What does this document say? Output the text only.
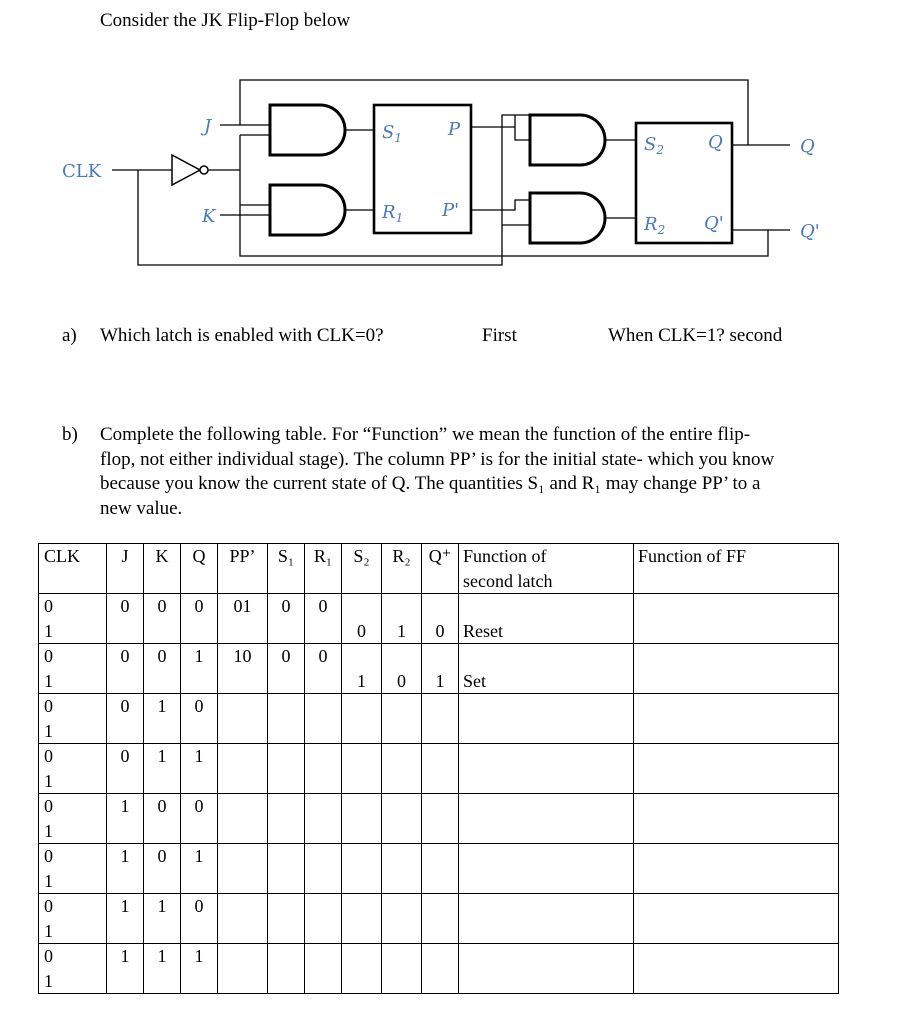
Consider the JK Flip-Flop below
$S_1$
$R_1$
P
P'
$S_2$
$R_2$
Q
Q'
CLK
J
K
Q
Q'
a) Which latch is enabled with CLK=0?	First	When CLK=1? second
b) Complete the following table. For “Function” we mean the function of the entire flip-
flop, not either individual stage). The column PP’ is for the initial state- which you know
because you know the current state of Q. The quantities S₁ and R₁ may change PP’ to a
new value.
CLK	J	K	Q	PP’	S₁	R₁	S₂	R₂	Q⁺	Function of
second latch	Function of FF

0
1	0	0	0	01	0	0	0	1	0	Reset	

0
1	0	0	1	10	0	0	1	0	1	Set	

0
1	0	1	0								

0
1	0	1	1								

0
1	1	0	0								

0
1	1	0	1								

0
1	1	1	0								

0
1	1	1	1								
